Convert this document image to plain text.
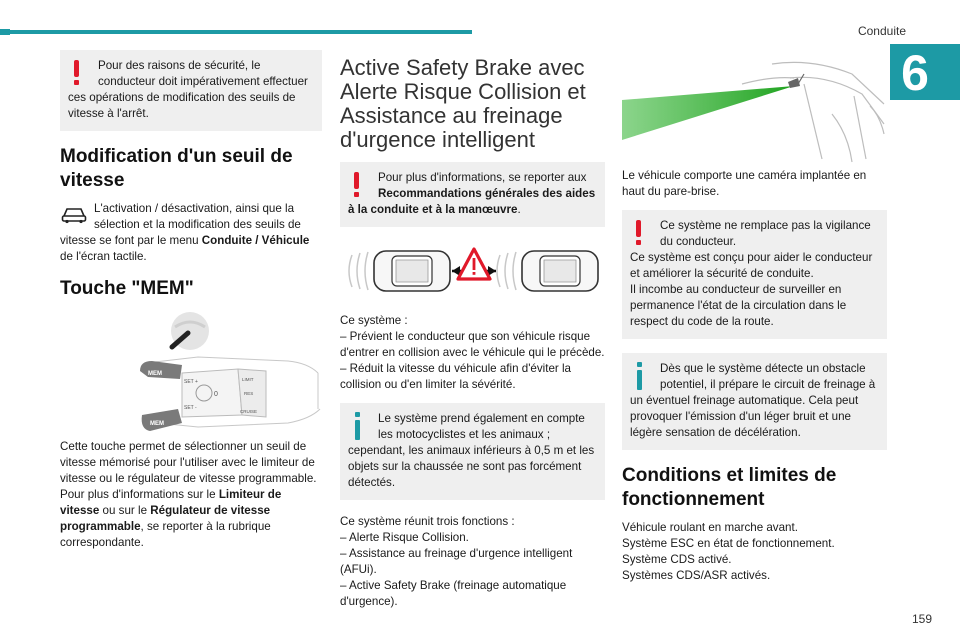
Conduite
6

Pour des raisons de sécurité, le conducteur doit impérativement effectuer ces opérations de modification des seuils de vitesse à l'arrêt.

Modification d'un seuil de vitesse
L'activation / désactivation, ainsi que la sélection et la modification des seuils de vitesse se font par le menu Conduite / Véhicule de l'écran tactile.
Touche "MEM"
MEM
MEM
SET +
SET -
0
LIMIT
RES
CRUISE

Cette touche permet de sélectionner un seuil de vitesse mémorisé pour l'utiliser avec le limiteur de vitesse ou le régulateur de vitesse programmable.

Pour plus d'informations sur le Limiteur de vitesse ou sur le Régulateur de vitesse programmable, se reporter à la rubrique correspondante.

Active Safety Brake avec Alerte Risque Collision et Assistance au freinage d'urgence intelligent

Pour plus d'informations, se reporter aux Recommandations générales des aides à la conduite et à la manœuvre.

Ce système :

– Prévient le conducteur que son véhicule risque d'entrer en collision avec le véhicule qui le précède.

– Réduit la vitesse du véhicule afin d'éviter la collision ou d'en limiter la sévérité.

Le système prend également en compte les motocyclistes et les animaux ; cependant, les animaux inférieurs à 0,5 m et les objets sur la chaussée ne sont pas forcément détectés.

Ce système réunit trois fonctions :

– Alerte Risque Collision.

– Assistance au freinage d'urgence intelligent (AFUi).

– Active Safety Brake (freinage automatique d'urgence).

Le véhicule comporte une caméra implantée en haut du pare-brise.

Ce système ne remplace pas la vigilance du conducteur.

Ce système est conçu pour aider le conducteur et améliorer la sécurité de conduite.

Il incombe au conducteur de surveiller en permanence l'état de la circulation dans le respect du code de la route.

Dès que le système détecte un obstacle potentiel, il prépare le circuit de freinage à un éventuel freinage automatique. Cela peut provoquer l'émission d'un léger bruit et une légère sensation de décélération.

Conditions et limites de fonctionnement

Véhicule roulant en marche avant.

Système ESC en état de fonctionnement.

Système CDS activé.

Systèmes CDS/ASR activés.

159
